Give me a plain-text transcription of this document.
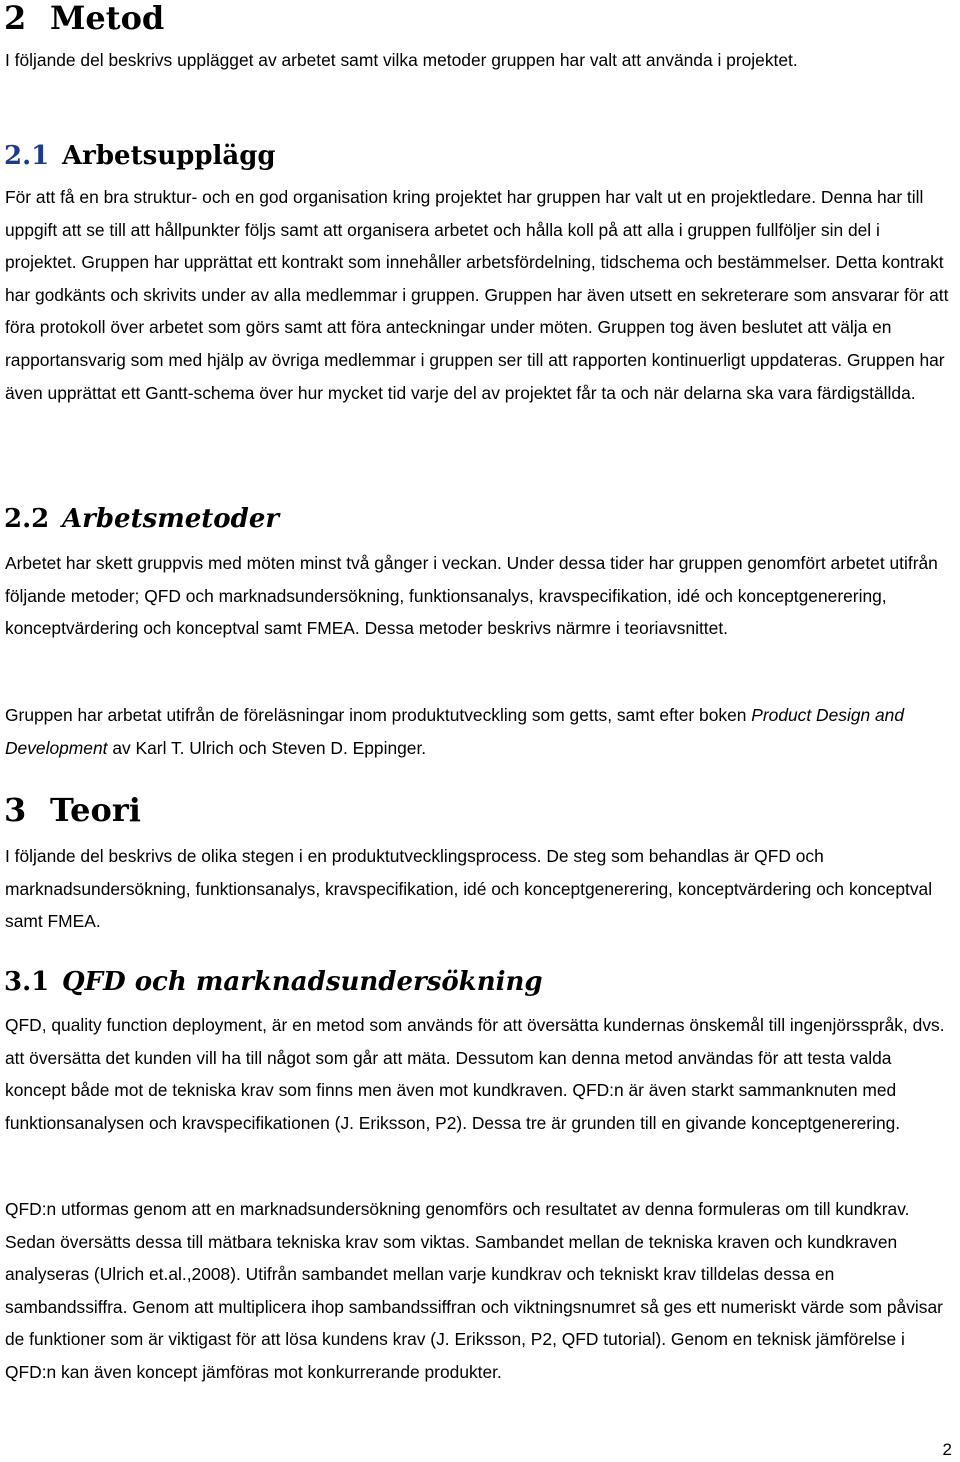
2 Metod

I följande del beskrivs upplägget av arbetet samt vilka metoder gruppen har valt att använda i projektet.

2.1 Arbetsupplägg

För att få en bra struktur- och en god organisation kring projektet har gruppen har valt ut en projektledare. Denna har till uppgift att se till att hållpunkter följs samt att organisera arbetet och hålla koll på att alla i gruppen fullföljer sin del i projektet. Gruppen har upprättat ett kontrakt som innehåller arbetsfördelning, tidschema och bestämmelser. Detta kontrakt har godkänts och skrivits under av alla medlemmar i gruppen. Gruppen har även utsett en sekreterare som ansvarar för att föra protokoll över arbetet som görs samt att föra anteckningar under möten. Gruppen tog även beslutet att välja en rapportansvarig som med hjälp av övriga medlemmar i gruppen ser till att rapporten kontinuerligt uppdateras. Gruppen har även upprättat ett Gantt-schema över hur mycket tid varje del av projektet får ta och när delarna ska vara färdigställda.

2.2 Arbetsmetoder

Arbetet har skett gruppvis med möten minst två gånger i veckan. Under dessa tider har gruppen genomfört arbetet utifrån följande metoder; QFD och marknadsundersökning, funktionsanalys, kravspecifikation, idé och konceptgenerering, konceptvärdering och konceptval samt FMEA. Dessa metoder beskrivs närmre i teoriavsnittet.

Gruppen har arbetat utifrån de föreläsningar inom produktutveckling som getts, samt efter boken Product Design and Development av Karl T. Ulrich och Steven D. Eppinger.

3 Teori

I följande del beskrivs de olika stegen i en produktutvecklingsprocess. De steg som behandlas är QFD och marknadsundersökning, funktionsanalys, kravspecifikation, idé och konceptgenerering, konceptvärdering och konceptval samt FMEA.

3.1 QFD och marknadsundersökning

QFD, quality function deployment, är en metod som används för att översätta kundernas önskemål till ingenjörsspråk, dvs. att översätta det kunden vill ha till något som går att mäta. Dessutom kan denna metod användas för att testa valda koncept både mot de tekniska krav som finns men även mot kundkraven. QFD:n är även starkt sammanknuten med funktionsanalysen och kravspecifikationen (J. Eriksson, P2). Dessa tre är grunden till en givande konceptgenerering.

QFD:n utformas genom att en marknadsundersökning genomförs och resultatet av denna formuleras om till kundkrav. Sedan översätts dessa till mätbara tekniska krav som viktas. Sambandet mellan de tekniska kraven och kundkraven analyseras (Ulrich et.al.,2008). Utifrån sambandet mellan varje kundkrav och tekniskt krav tilldelas dessa en sambandssiffra. Genom att multiplicera ihop sambandssiffran och viktningsnumret så ges ett numeriskt värde som påvisar de funktioner som är viktigast för att lösa kundens krav (J. Eriksson, P2, QFD tutorial). Genom en teknisk jämförelse i QFD:n kan även koncept jämföras mot konkurrerande produkter.

2
